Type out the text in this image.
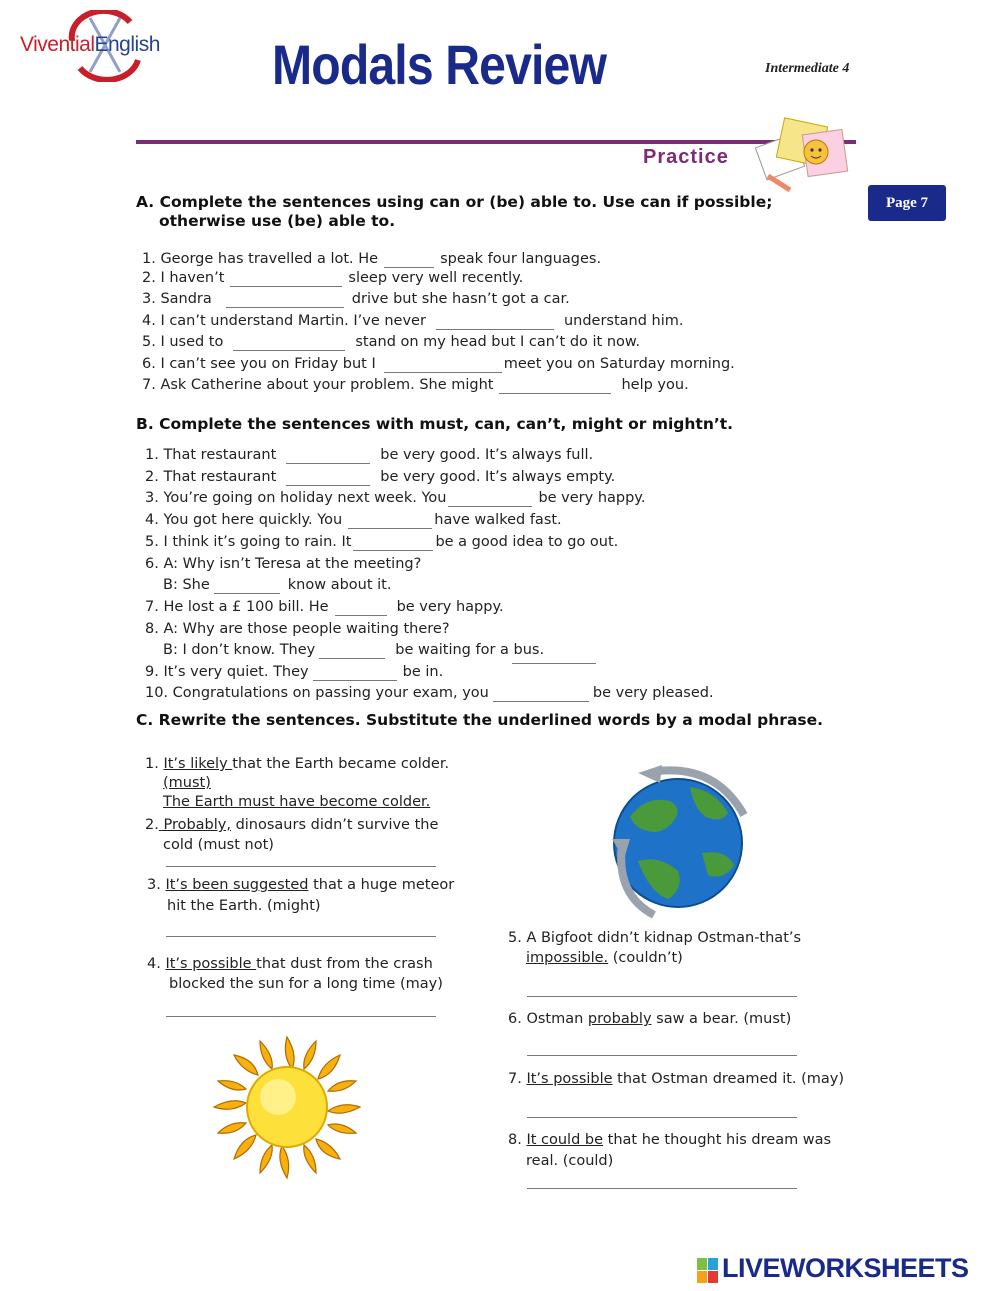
ViventialEnglish Modals Review	Intermediate 4
Practice
Page 7
A. Complete the sentences using can or (be) able to. Use can if possible;
otherwise use (be) able to.
1. George has travelled a lot. He	speak four languages.
2. I haven’t	sleep very well recently.
3. Sandra	drive but she hasn’t got a car.
4. I can’t understand Martin. I’ve never	understand him.
5. I used to	stand on my head but I can’t do it now.
6. I can’t see you on Friday but I	meet you on Saturday morning.
7. Ask Catherine about your problem. She might	help you.
B. Complete the sentences with must, can, can’t, might or mightn’t.
1. That restaurant	be very good. It’s always full.
2. That restaurant	be very good. It’s always empty.
3. You’re going on holiday next week. You	be very happy.
4. You got here quickly. You	have walked fast.
5. I think it’s going to rain. It	be a good idea to go out.
6. A: Why isn’t Teresa at the meeting?
B: She	know about it.
7. He lost a £ 100 bill. He	be very happy.
8. A: Why are those people waiting there?
B: I don’t know. They	be waiting for a bus.
9. It’s very quiet. They	be in.
10. Congratulations on passing your exam, you	be very pleased.
C. Rewrite the sentences. Substitute the underlined words by a modal phrase.
1. It’s likely that the Earth became colder.
(must)
The Earth must have become colder.
2. Probably, dinosaurs didn’t survive the
cold (must not)
3. It’s been suggested that a huge meteor
hit the Earth. (might)
4. It’s possible that dust from the crash
blocked the sun for a long time (may)
5. A Bigfoot didn’t kidnap Ostman-that’s
impossible. (couldn’t)
6. Ostman probably saw a bear. (must)
7. It’s possible that Ostman dreamed it. (may)
8. It could be that he thought his dream was
real. (could)
LIVEWORKSHEETS
